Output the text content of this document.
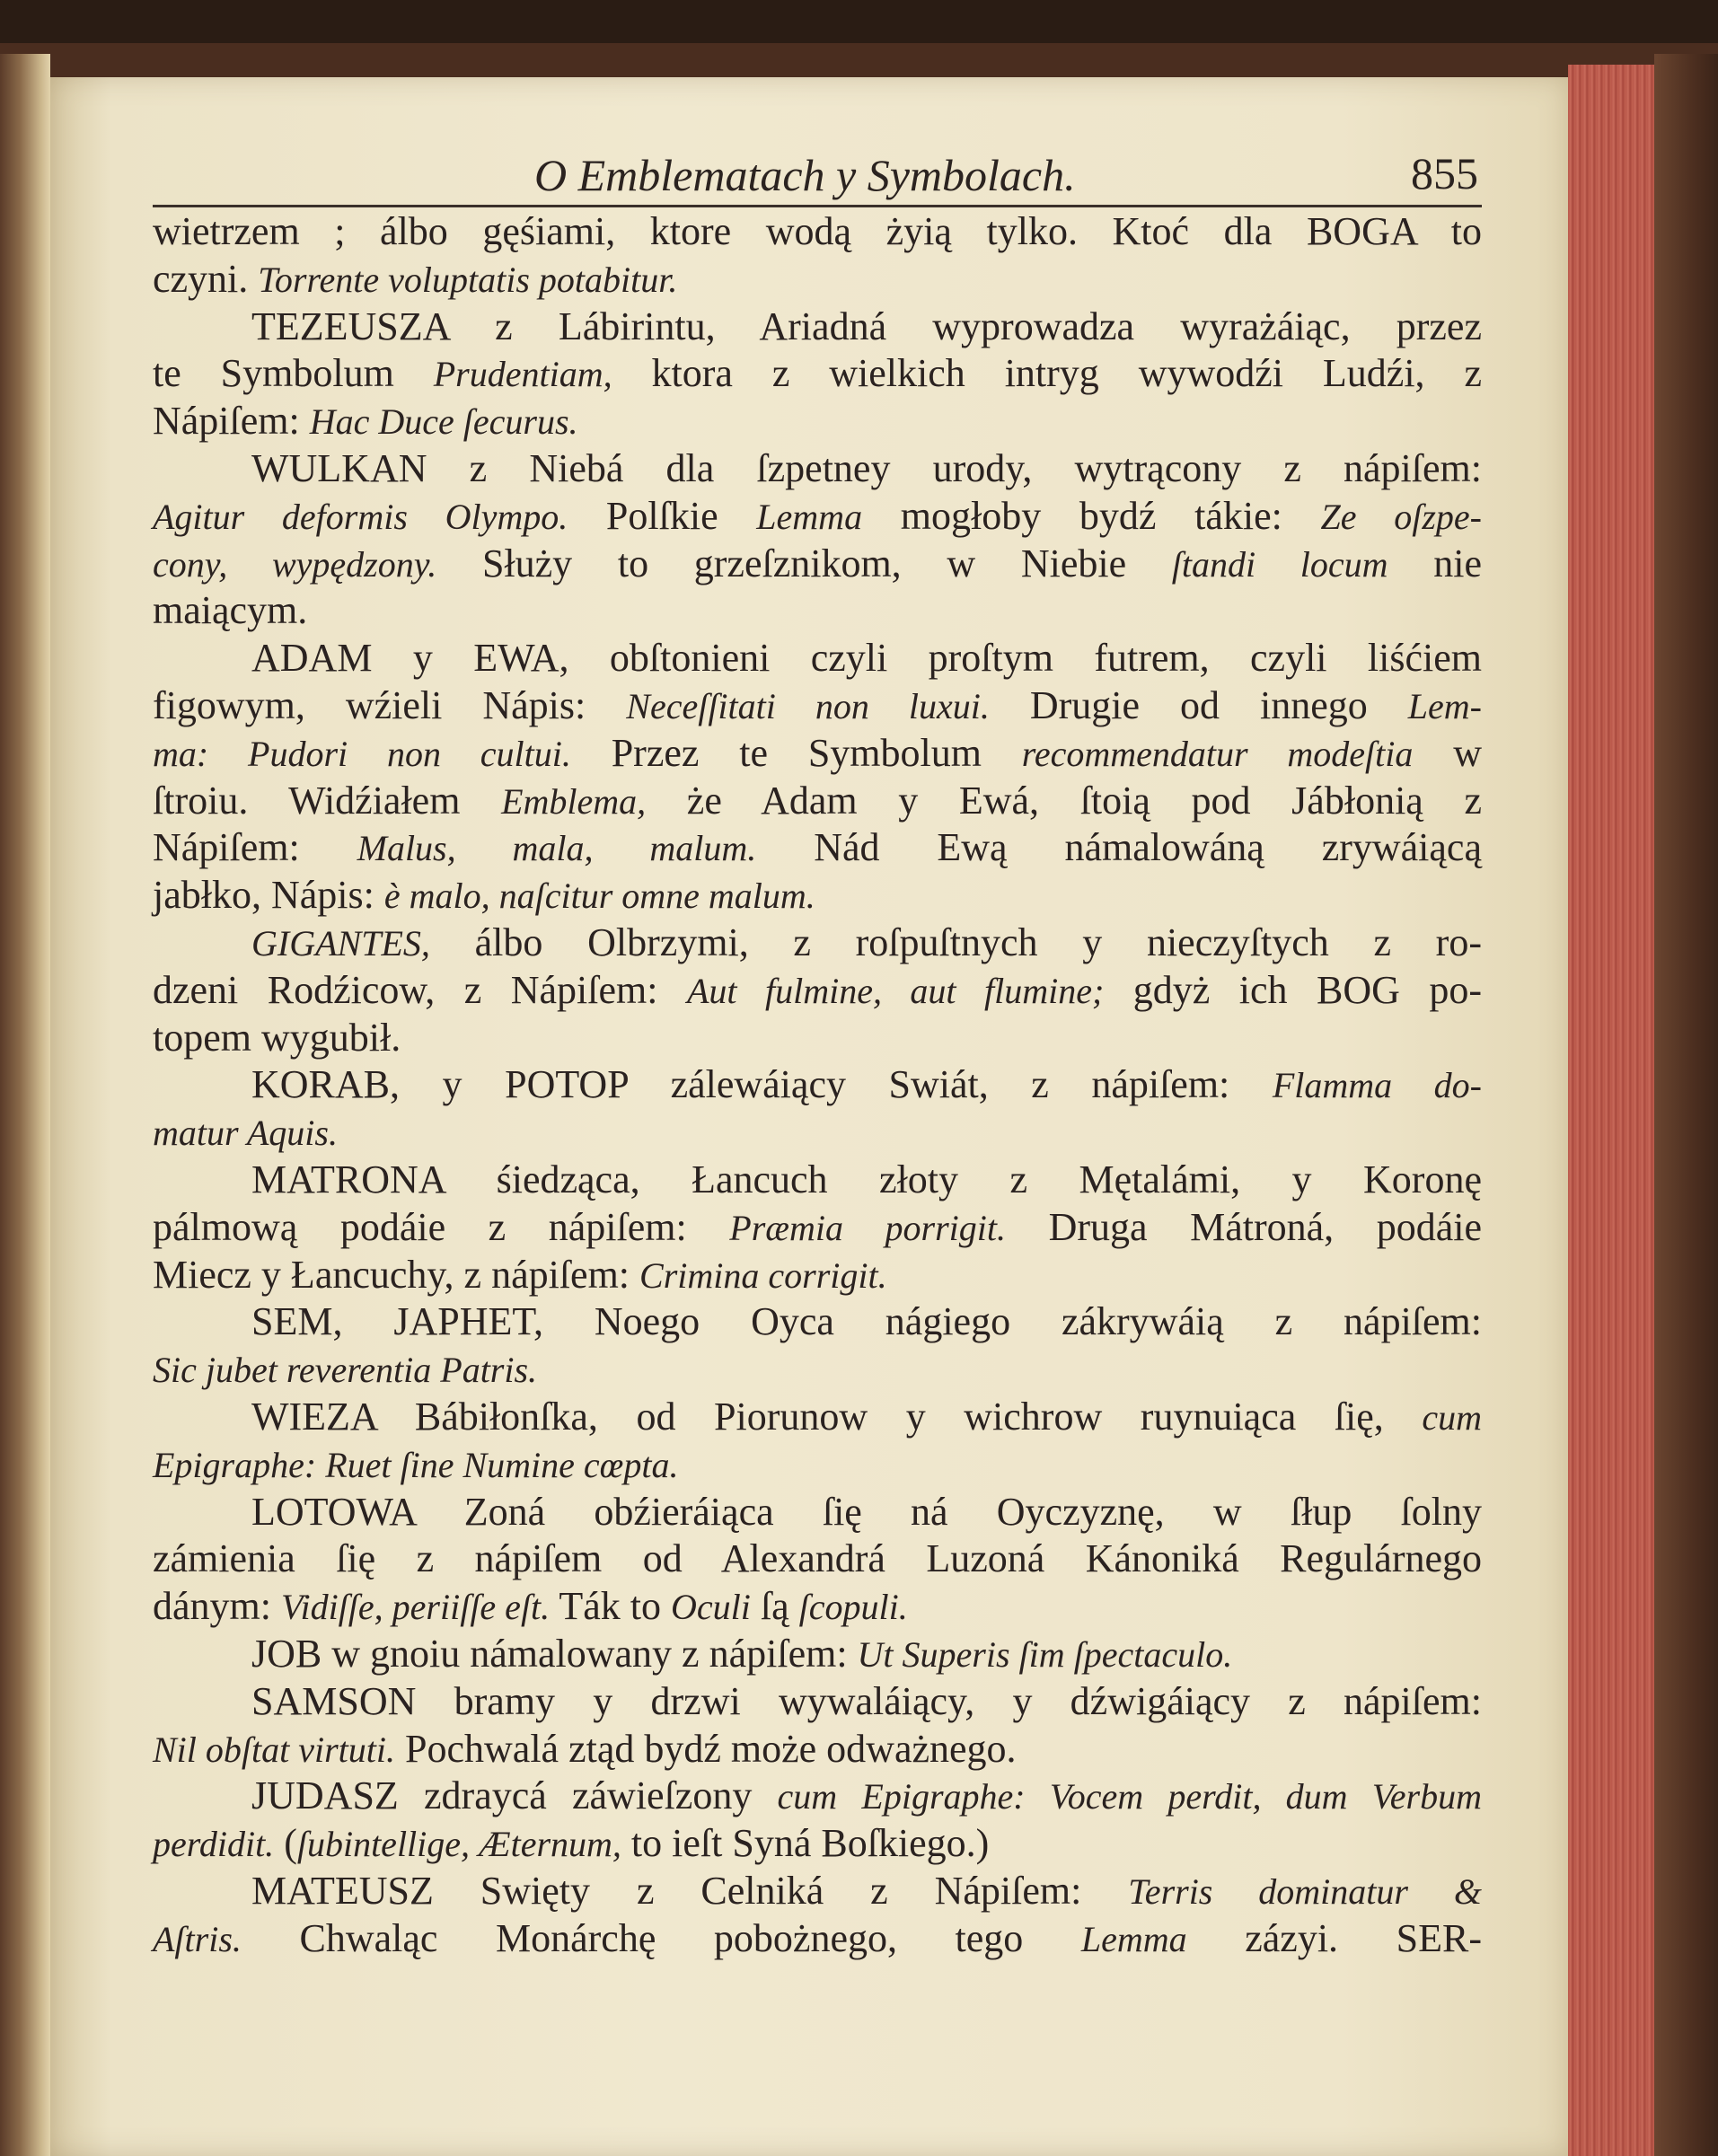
O Emblematach y Symbolach.	855
wietrzem ; álbo gęśiami, ktore wodą żyią tylko. Ktoć dla BOGA to
czyni. Torrente voluptatis potabitur.
TEZEUSZA z Lábirintu, Ariadná wyprowadza wyrażáiąc, przez
te Symbolum Prudentiam, ktora z wielkich intryg wywodźi Ludźi, z
Nápiſem: Hac Duce ſecurus.
WULKAN z Niebá dla ſzpetney urody, wytrącony z nápiſem:
Agitur deformis Olympo. Polſkie Lemma mogłoby bydź tákie: Ze oſzpe-
cony, wypędzony. Służy to grzeſznikom, w Niebie ſtandi locum nie
maiącym.
ADAM y EWA, obſtonieni czyli proſtym futrem, czyli liśćiem
figowym, wźieli Nápis: Neceſſitati non luxui. Drugie od innego Lem-
ma: Pudori non cultui. Przez te Symbolum recommendatur modeſtia w
ſtroiu. Widźiałem Emblema, że Adam y Ewá, ſtoią pod Jábłonią z
Nápiſem: Malus, mala, malum. Nád Ewą námalowáną zrywáiącą
jabłko, Nápis: è malo, naſcitur omne malum.
GIGANTES, álbo Olbrzymi, z roſpuſtnych y nieczyſtych z ro-
dzeni Rodźicow, z Nápiſem: Aut fulmine, aut flumine; gdyż ich BOG po-
topem wygubił.
KORAB, y POTOP zálewáiący Swiát, z nápiſem: Flamma do-
matur Aquis.
MATRONA śiedząca, Łancuch złoty z Mętalámi, y Koronę
pálmową podáie z nápiſem: Præmia porrigit. Druga Mátroná, podáie
Miecz y Łancuchy, z nápiſem: Crimina corrigit.
SEM, JAPHET, Noego Oyca nágiego zákrywáią z nápiſem:
Sic jubet reverentia Patris.
WIEZA Bábiłonſka, od Piorunow y wichrow ruynuiąca ſię, cum
Epigraphe: Ruet ſine Numine cœpta.
LOTOWA Zoná obźieráiąca ſię ná Oyczyznę, w ſłup ſolny
zámienia ſię z nápiſem od Alexandrá Luzoná Kánoniká Regulárnego
dánym: Vidiſſe, periiſſe eſt. Ták to Oculi ſą ſcopuli.
JOB w gnoiu námalowany z nápiſem: Ut Superis ſim ſpectaculo.
SAMSON bramy y drzwi wywaláiący, y dźwigáiący z nápiſem:
Nil obſtat virtuti. Pochwalá ztąd bydź może odważnego.
JUDASZ zdraycá záwieſzony cum Epigraphe: Vocem perdit, dum Verbum
perdidit. (ſubintellige, Æternum, to ieſt Syná Boſkiego.)
MATEUSZ Swięty z Celniká z Nápiſem: Terris dominatur &
Aſtris. Chwaląc Monárchę pobożnego, tego Lemma zázyi. SER-
